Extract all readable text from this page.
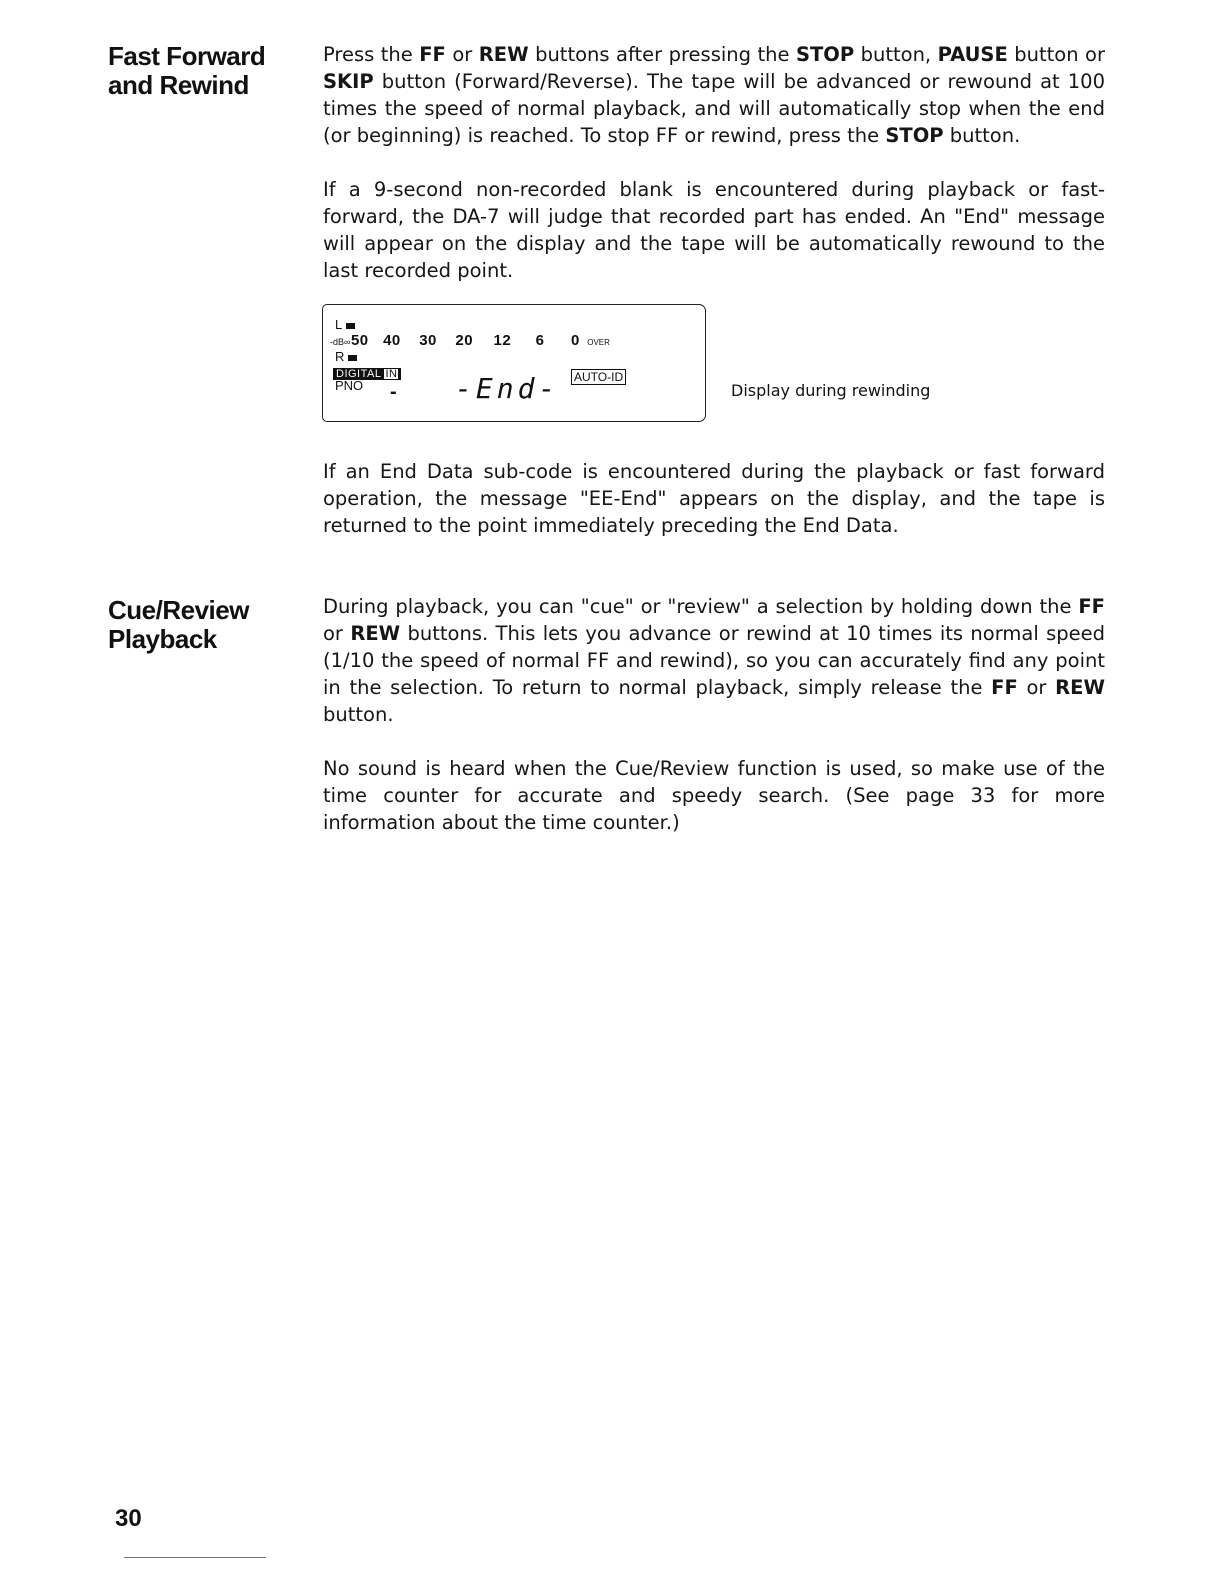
Fast Forward
and Rewind
Press the FF or REW buttons after pressing the STOP button, PAUSE button or SKIP button (Forward/Reverse). The tape will be advanced or rewound at 100 times the speed of normal playback, and will automatically stop when the end (or beginning) is reached. To stop FF or rewind, press the STOP button.
If a 9-second non-recorded blank is encountered during playback or fast-forward, the DA-7 will judge that recorded part has ended. An "End" message will appear on the display and the tape will be automatically rewound to the last recorded point.
L
-dB∞50 40 30 20 12 6 0 OVER
R
DIGITAL IN
PNO - -End- AUTO-ID
Display during rewinding
If an End Data sub-code is encountered during the playback or fast forward operation, the message "EE-End" appears on the display, and the tape is returned to the point immediately preceding the End Data.
Cue/Review
Playback
During playback, you can "cue" or "review" a selection by holding down the FF or REW buttons. This lets you advance or rewind at 10 times its normal speed (1/10 the speed of normal FF and rewind), so you can accurately find any point in the selection. To return to normal playback, simply release the FF or REW button.
No sound is heard when the Cue/Review function is used, so make use of the time counter for accurate and speedy search. (See page 33 for more information about the time counter.)
30
